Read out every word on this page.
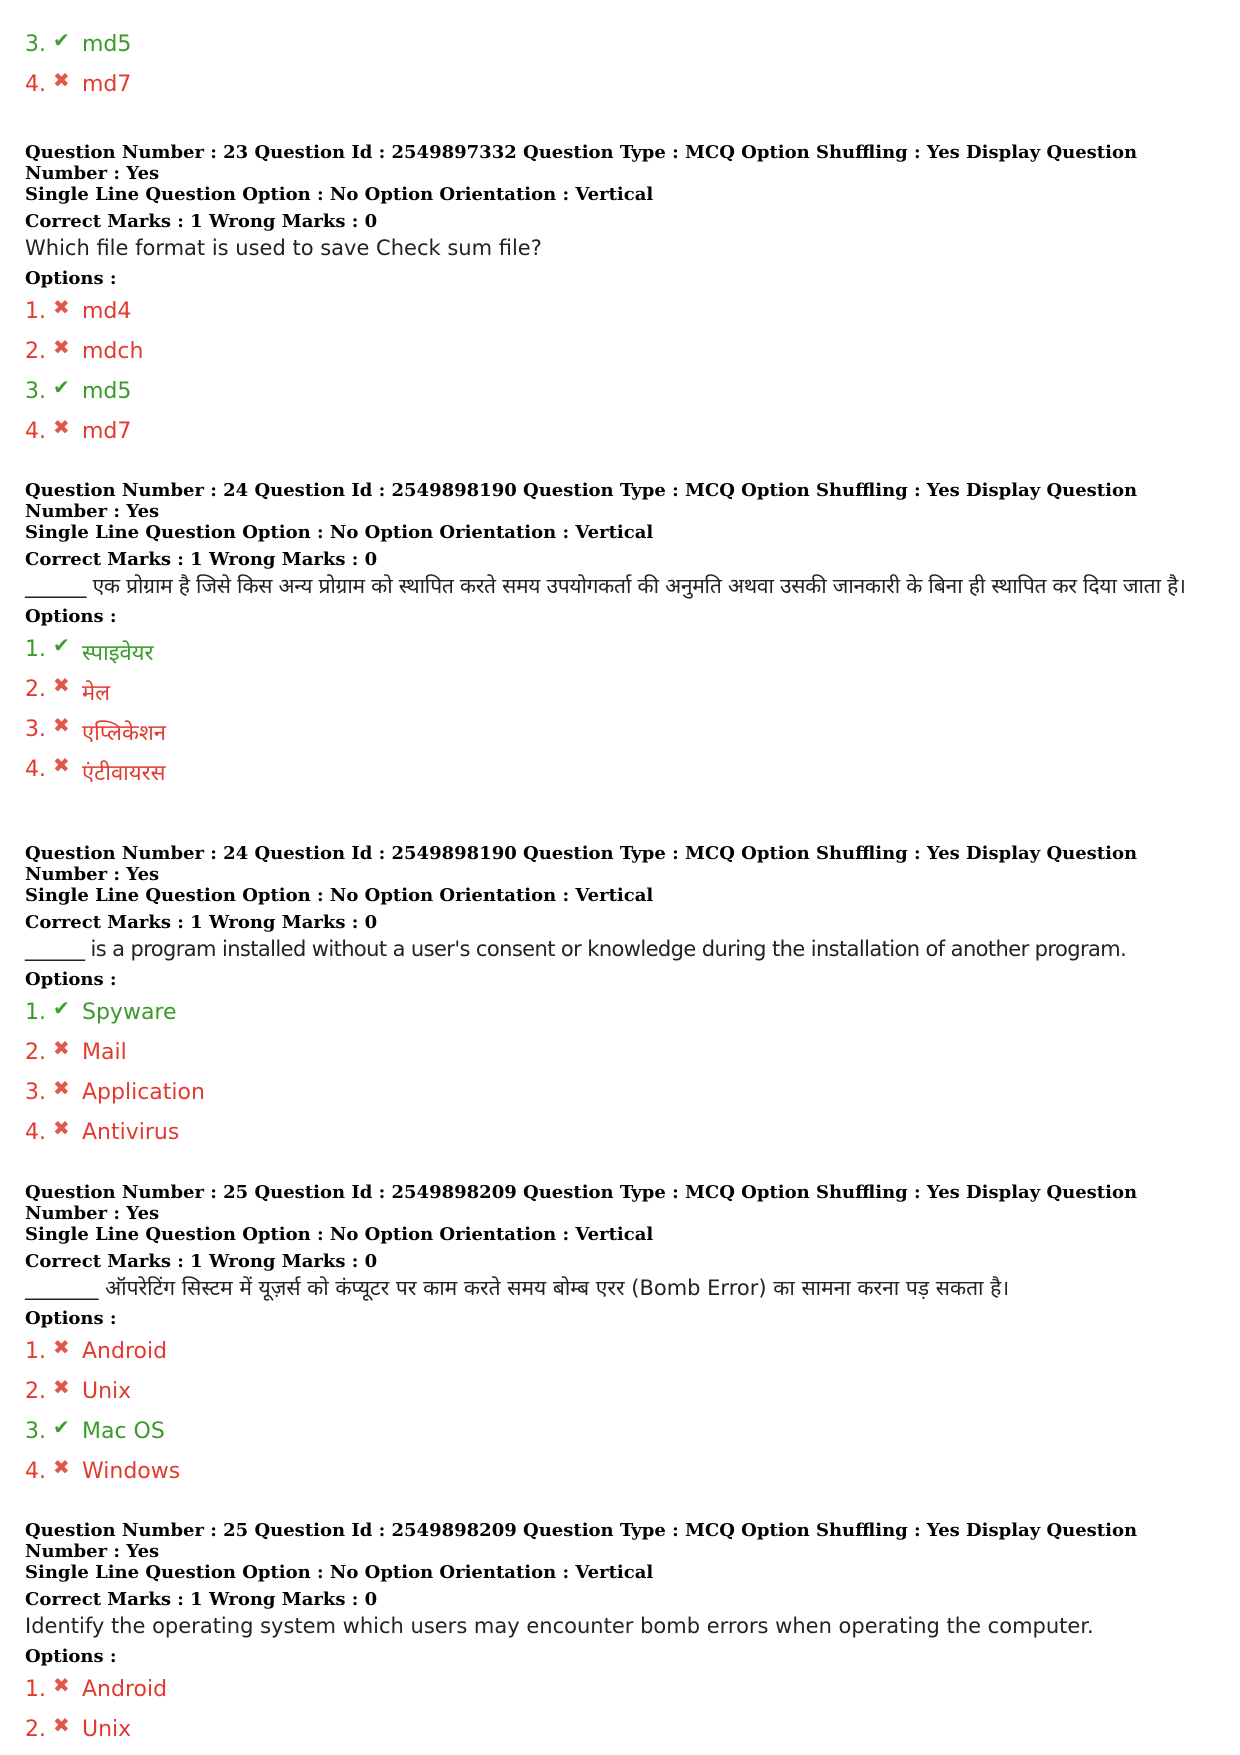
3. ✔ md5
4. ✖ md7
Question Number : 23 Question Id : 2549897332 Question Type : MCQ Option Shuffling : Yes Display Question Number : Yes
Single Line Question Option : No Option Orientation : Vertical
Correct Marks : 1 Wrong Marks : 0
Which file format is used to save Check sum file?
Options :
1. ✖ md4
2. ✖ mdch
3. ✔ md5
4. ✖ md7
Question Number : 24 Question Id : 2549898190 Question Type : MCQ Option Shuffling : Yes Display Question Number : Yes
Single Line Question Option : No Option Orientation : Vertical
Correct Marks : 1 Wrong Marks : 0
______ एक प्रोग्राम है जिसे किस अन्य प्रोग्राम को स्थापित करते समय उपयोगकर्ता की अनुमति अथवा उसकी जानकारी के बिना ही स्थापित कर दिया जाता है।
Options :
1. ✔ स्पाइवेयर
2. ✖ मेल
3. ✖ एप्लिकेशन
4. ✖ एंटीवायरस
Question Number : 24 Question Id : 2549898190 Question Type : MCQ Option Shuffling : Yes Display Question Number : Yes
Single Line Question Option : No Option Orientation : Vertical
Correct Marks : 1 Wrong Marks : 0
______ is a program installed without a user's consent or knowledge during the installation of another program.
Options :
1. ✔ Spyware
2. ✖ Mail
3. ✖ Application
4. ✖ Antivirus
Question Number : 25 Question Id : 2549898209 Question Type : MCQ Option Shuffling : Yes Display Question Number : Yes
Single Line Question Option : No Option Orientation : Vertical
Correct Marks : 1 Wrong Marks : 0
_______ ऑपरेटिंग सिस्टम में यूज़र्स को कंप्यूटर पर काम करते समय बोम्ब एरर (Bomb Error) का सामना करना पड़ सकता है।
Options :
1. ✖ Android
2. ✖ Unix
3. ✔ Mac OS
4. ✖ Windows
Question Number : 25 Question Id : 2549898209 Question Type : MCQ Option Shuffling : Yes Display Question Number : Yes
Single Line Question Option : No Option Orientation : Vertical
Correct Marks : 1 Wrong Marks : 0
Identify the operating system which users may encounter bomb errors when operating the computer.
Options :
1. ✖ Android
2. ✖ Unix
